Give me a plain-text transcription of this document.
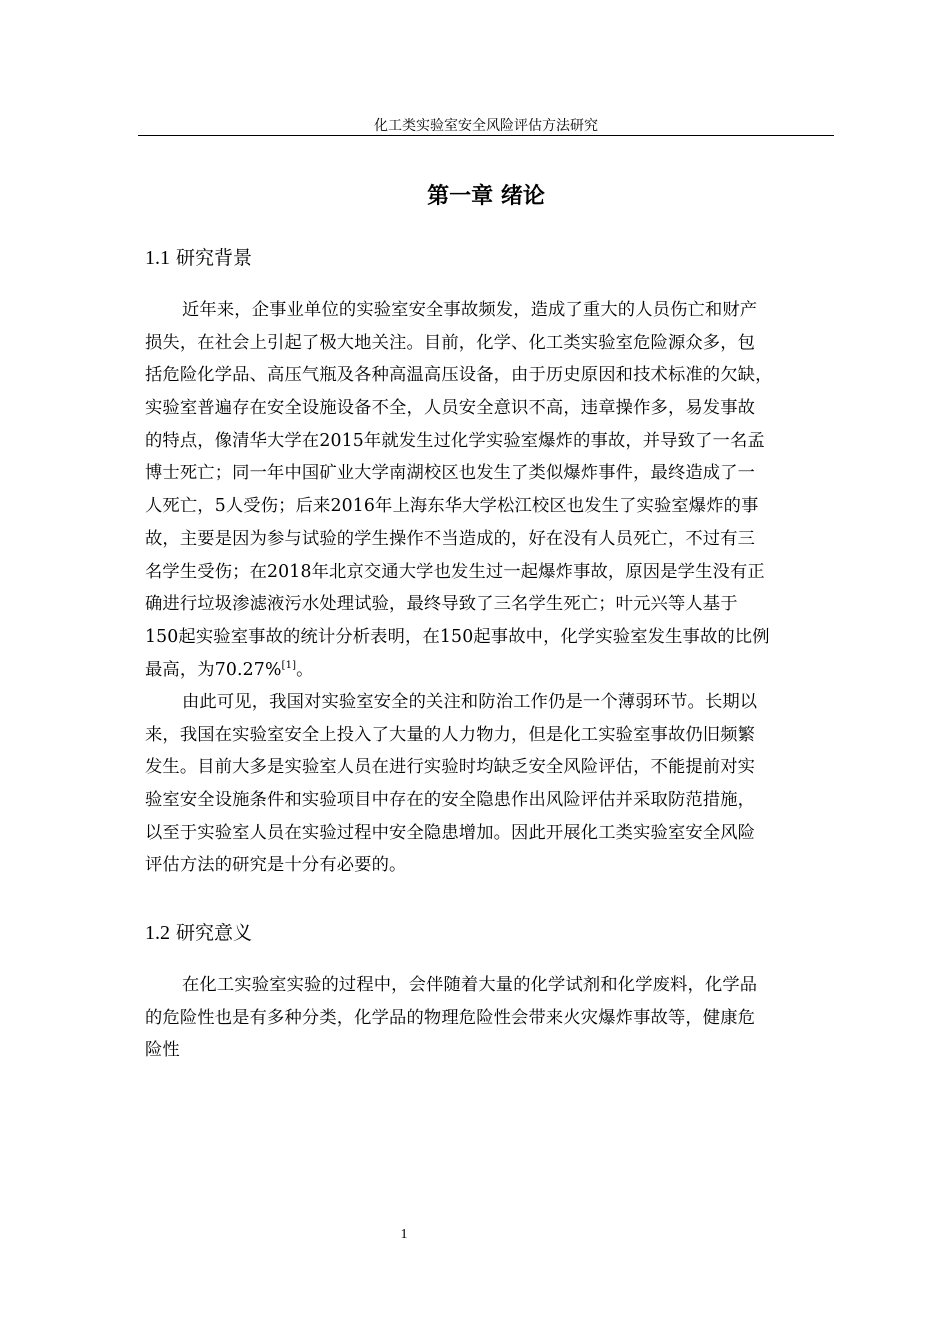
化工类实验室安全风险评估方法研究
第一章 绪论
1.1 研究背景
近年来，企事业单位的实验室安全事故频发，造成了重大的人员伤亡和财产
损失，在社会上引起了极大地关注。目前，化学、化工类实验室危险源众多，包
括危险化学品、高压气瓶及各种高温高压设备，由于历史原因和技术标准的欠缺，
实验室普遍存在安全设施设备不全，人员安全意识不高，违章操作多，易发事故
的特点，像清华大学在2015年就发生过化学实验室爆炸的事故，并导致了一名孟
博士死亡；同一年中国矿业大学南湖校区也发生了类似爆炸事件，最终造成了一
人死亡，5人受伤；后来2016年上海东华大学松江校区也发生了实验室爆炸的事
故，主要是因为参与试验的学生操作不当造成的，好在没有人员死亡，不过有三
名学生受伤；在2018年北京交通大学也发生过一起爆炸事故，原因是学生没有正
确进行垃圾渗滤液污水处理试验，最终导致了三名学生死亡；叶元兴等人基于
150起实验室事故的统计分析表明，在150起事故中，化学实验室发生事故的比例
最高，为70.27%[1]。
由此可见，我国对实验室安全的关注和防治工作仍是一个薄弱环节。长期以
来，我国在实验室安全上投入了大量的人力物力，但是化工实验室事故仍旧频繁
发生。目前大多是实验室人员在进行实验时均缺乏安全风险评估，不能提前对实
验室安全设施条件和实验项目中存在的安全隐患作出风险评估并采取防范措施，
以至于实验室人员在实验过程中安全隐患增加。因此开展化工类实验室安全风险
评估方法的研究是十分有必要的。
1.2 研究意义
在化工实验室实验的过程中，会伴随着大量的化学试剂和化学废料，化学品
的危险性也是有多种分类，化学品的物理危险性会带来火灾爆炸事故等，健康危
险性
1
